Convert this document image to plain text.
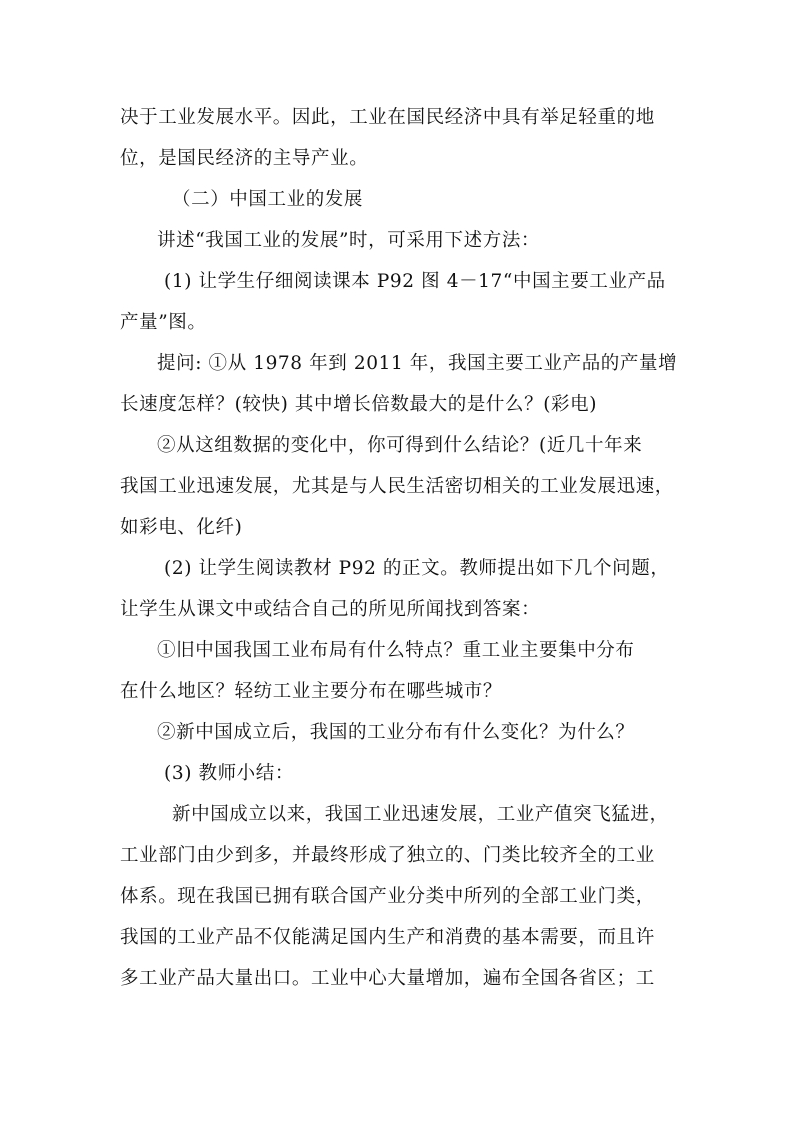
决于工业发展水平。因此，工业在国民经济中具有举足轻重的地

位，是国民经济的主导产业。

（二）中国工业的发展

讲述“我国工业的发展”时，可采用下述方法：

(1) 让学生仔细阅读课本 P92 图 4－17“中国主要工业产品

产量”图。

提问: ①从 1978 年到 2011 年，我国主要工业产品的产量增

长速度怎样？(较快) 其中增长倍数最大的是什么？(彩电)

②从这组数据的变化中，你可得到什么结论？(近几十年来

我国工业迅速发展，尤其是与人民生活密切相关的工业发展迅速，

如彩电、化纤)

(2) 让学生阅读教材 P92 的正文。教师提出如下几个问题，

让学生从课文中或结合自己的所见所闻找到答案：

①旧中国我国工业布局有什么特点？重工业主要集中分布

在什么地区？轻纺工业主要分布在哪些城市？

②新中国成立后，我国的工业分布有什么变化？为什么？

(3) 教师小结：

新中国成立以来，我国工业迅速发展，工业产值突飞猛进，

工业部门由少到多，并最终形成了独立的、门类比较齐全的工业

体系。现在我国已拥有联合国产业分类中所列的全部工业门类，

我国的工业产品不仅能满足国内生产和消费的基本需要，而且许

多工业产品大量出口。工业中心大量增加，遍布全国各省区；工
